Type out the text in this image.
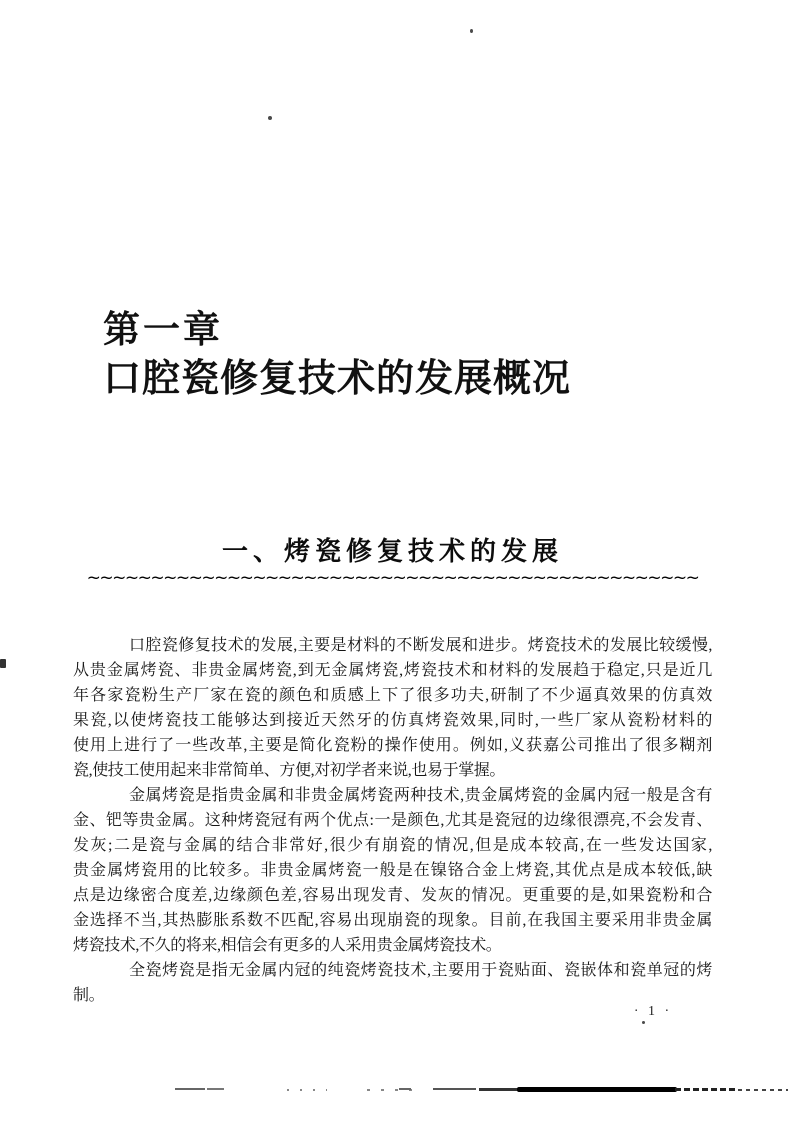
第一章
口腔瓷修复技术的发展概况
一、烤瓷修复技术的发展
~~~~~~~~~~~~~~~~~~~~~~~~~~~~~~~~~~~~~~~~~~~~~~~~
口腔瓷修复技术的发展,主要是材料的不断发展和进步。烤瓷技术的发展比较缓慢,
从贵金属烤瓷、非贵金属烤瓷,到无金属烤瓷,烤瓷技术和材料的发展趋于稳定,只是近几
年各家瓷粉生产厂家在瓷的颜色和质感上下了很多功夫,研制了不少逼真效果的仿真效
果瓷,以使烤瓷技工能够达到接近天然牙的仿真烤瓷效果,同时,一些厂家从瓷粉材料的
使用上进行了一些改革,主要是简化瓷粉的操作使用。例如,义获嘉公司推出了很多糊剂
瓷,使技工使用起来非常简单、方便,对初学者来说,也易于掌握。
金属烤瓷是指贵金属和非贵金属烤瓷两种技术,贵金属烤瓷的金属内冠一般是含有
金、钯等贵金属。这种烤瓷冠有两个优点:一是颜色,尤其是瓷冠的边缘很漂亮,不会发青、
发灰;二是瓷与金属的结合非常好,很少有崩瓷的情况,但是成本较高,在一些发达国家,
贵金属烤瓷用的比较多。非贵金属烤瓷一般是在镍铬合金上烤瓷,其优点是成本较低,缺
点是边缘密合度差,边缘颜色差,容易出现发青、发灰的情况。更重要的是,如果瓷粉和合
金选择不当,其热膨胀系数不匹配,容易出现崩瓷的现象。目前,在我国主要采用非贵金属
烤瓷技术,不久的将来,相信会有更多的人采用贵金属烤瓷技术。
全瓷烤瓷是指无金属内冠的纯瓷烤瓷技术,主要用于瓷贴面、瓷嵌体和瓷单冠的烤
制。
· 1 ·
